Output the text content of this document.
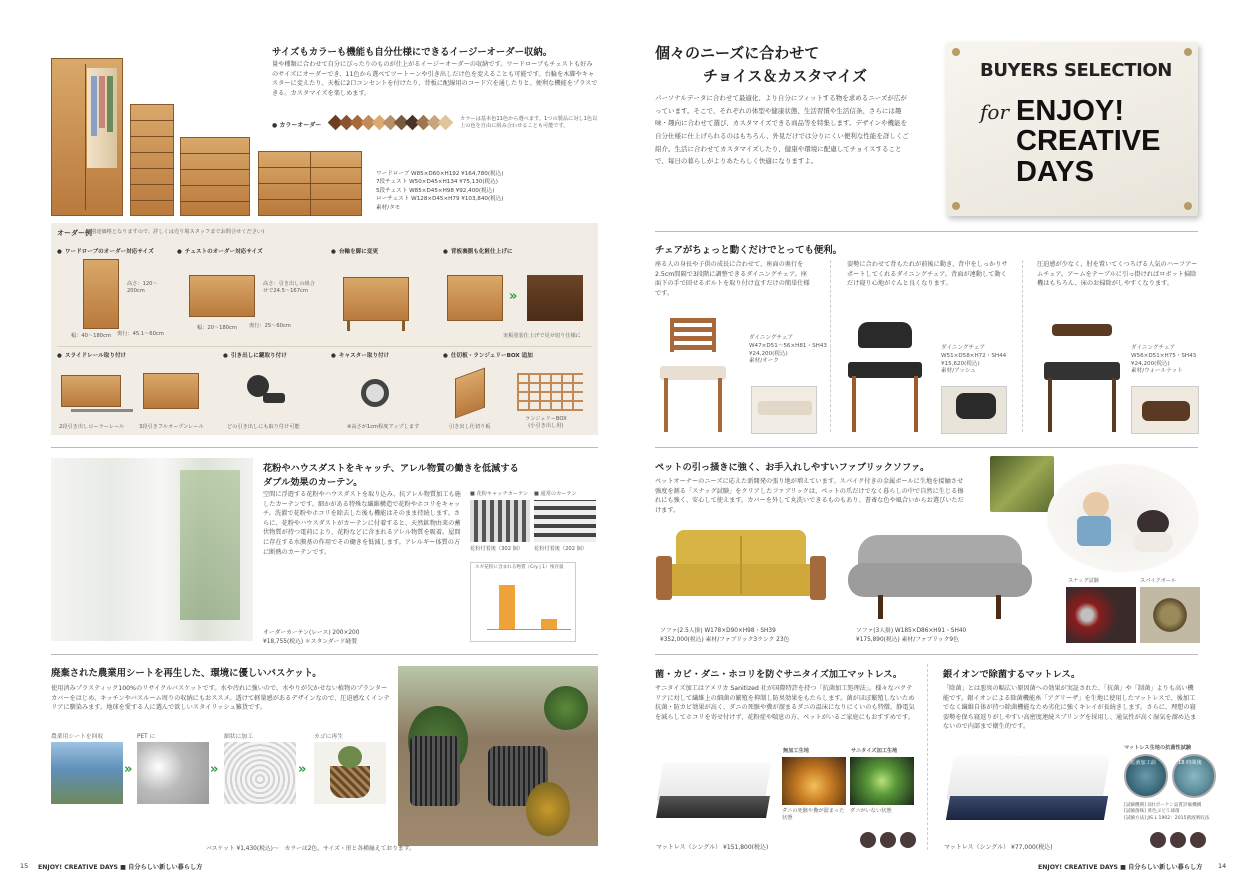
サイズもカラーも機能も自分仕様にできるイージーオーダー収納。
量や種類に合わせて自分にぴったりのものが仕上がるイージーオーダーの収納です。ワードローブもチェストも好みのサイズにオーダーでき、11色から選べてツートーンや引き出しだけ色を変えることも可能です。台輪を木脚やキャスターに変えたり、天板に2口コンセントを付けたり、背板に配線用のコード穴を通したりと、便利な機能をプラスできる。カスタマイズを楽しめます。
● カラーオーダー
カラーは基本色11色から選べます。1つの製品に対し1色以上の色を自由に組み合わせることも可能です。
ワードローブ W85×D60×H192 ¥164,780(税込)
7段チェスト W50×D45×H134 ¥75,130(税込)
5段チェスト W85×D45×H98 ¥92,400(税込)
ローチェスト W128×D45×H79 ¥103,840(税込)
素材/タモ
オーダー例
(別途価格となりますので、詳しくは売り場スタッフまでお問合せください)
● ワードローブのオーダー対応サイズ	● チェストのオーダー対応サイズ	● 台輪を脚に変更	● 背板裏側も化粧仕上げに
高さ：120〜200cm
幅：40〜180cm 奥行：45.1〜60cm
高さ：引き出しの組合せで24.5〜167cm
幅：20〜180cm 奥行：25〜60cm
»
実板塗装仕上げで見せ切り仕様に
● スライドレール取り付け	● 引き出しに鍵取り付け	● キャスター取り付け	● 仕切板・ランジェリーBOX 追加
2段引き出しローラーレール	3段引きフルオープンレール	どの引き出しにも取り付け可能	※高さが1cm程度アップします	引き出し仕切り板
ランジェリーBOX
(小引き出し用)
花粉やハウスダストをキャッチ、アレル物質の働きを低減する
ダブル効果のカーテン。
空間に浮遊する花粉やハウスダストを取り込み、抗アレル物質加工も施したカーテンです。細かがある特殊な繊維構造で花粉やホコリをキャッチ。洗濯で花粉やホコリを除去した後も機能はそのまま持続します。さらに、花粉やハウスダストがカーテンに付着すると、天然鉱物由来の蓄伏物質が持つ電荷により、花粉などに含まれるアレル物質を吸着。屋間に存在する水膜基の作用でその働きを低減します。アレルギー体質の方に断熱のカーテンです。
■ 花粉キャッチカーテン ■ 通常のカーテン
花粉付着後（302 個） 花粉付着後（202 個）
スギ花粉に含まれる物質（Cry j 1）残存量
オーダーカーテン(レース) 200×200
¥18,755(税込) ＊スタンダード縫製
廃棄された農業用シートを再生した、環境に優しいバスケット。
使用済みプラスティック100%のリサイクルバスケットです。水や汚れに強いので、水やりが欠かせない植物のプランターカバーをはじめ、キッチンやバスルーム周りの収納にもおススメ。透けて軽量感があるデザインなので、圧迫感なくインテリアに馴染みます。地球を愛する人に選んで欲しいスタイリッシュ雑貨です。
農業用シートを回収	PET に	細状に加工	カゴに再生
»	»	»
バスケット ¥1,430(税込)〜　カラーは2色、サイズ・形と各種揃えております。
15 ENJOY! CREATIVE DAYS ■ 自分らしい新しい暮らし方
個々のニーズに合わせて
チョイス＆カスタマイズ
パーソナルデータに合わせて最適化、より自分にフィットする物を求めるニーズが広がっています。そこで、それぞれの体型や健康状態、生活習慣や生活信条、さらには趣味・趣向に合わせて選び、カスタマイズできる商品等を特集します。デザインや機能を自分仕様に仕上げられるのはもちろん、外見だけでは分りにくい便利な性能を詳しくご紹介。生活に合わせてカスタマイズしたり、健康や環境に配慮してチョイスすることで、毎日の暮らしがよりあたらしく快適になりますよ。
BUYERS SELECTION
for ENJOY!
CREATIVE
DAYS
チェアがちょっと動くだけでとっても便利。
座る人の身長や子供の成長に合わせて、座面の奥行を2.5cm間隔で3段階に調整できるダイニングチェア。座面下の手で回せるボルトを取り付け直すだけの簡単仕様です。
姿勢に合わせて背もたれが前後に動き、背中をしっかりサポートしてくれるダイニングチェア。背面が連動して動くだけ寝り心地がぐんと良くなります。
圧迫感が少なく、肘を置いてくつろげる人気のハーフアームチェア。アームをテーブルに引っ掛ければロボット掃除機はもちろん、床のお掃除がしやすくなります。
ダイニングチェア
W47×D51〜56×H81・SH43
¥24,200(税込)
素材/オーク
ダイニングチェア
W51×D58×H72・SH44
¥15,620(税込)
素材/アッシュ
ダイニングチェア
W56×D51×H75・SH43
¥24,200(税込)
素材/ウォールナット
ペットの引っ掻きに強く、お手入れしやすいファブリックソファ。
ペットオーナーのニーズに応えた新開発の張り地が増えています。スパイク付きの金属ボールに生地を接触させ強度を測る「スナッグ試験」をクリアしたファブリックは、ペットの爪だけでなく暮らしの中で自然に生じる擦れにも強く、安心して使えます。カバーを外して丸洗いできるものもあり、書斎な色や風合いからお選びいただけます。
スナッグ試験	スパイクボール
ソファ(2.5人掛) W178×D90×H98・SH39
¥352,000(税込) 素材/ファブリック3ランク 23色
ソファ(3人掛) W185×D86×H91・SH40
¥175,890(税込) 素材/ファブリック9色
菌・カビ・ダニ・ホコリを防ぐサニタイズ加工マットレス。
サニタイズ加工はアメリカ Sanitized 社が国際特許を持つ「抗菌加工処理法」。様々なバクテリアに対して繊維上の細菌の繁殖を抑制し防臭効果をもたらします。菌がほぼ繁殖しないため抗菌・防カビ効果が高く、ダニの死骸や糞が溜まるダニの温床になりにくいのも特徴。静電気を減らしてホコリを寄せ付けず、花粉症や喘息の方、ペットがいるご家庭にもおすすめです。
無加工生地	サニタイズ加工生地
ダニの死骸や糞が溜まった状態
ダニがいない状態
マットレス（シングル） ¥151,800(税込)
銀イオンで除菌するマットレス。
「除菌」とは悪臭の幅広い原因菌への効果が実証された、「抗菌」や「制菌」よりも高い機能です。銀イオンによる除菌機能糸「アグリーザ」を生地に使用したマットレスで、後加工でなく繊維自体が持つ除菌機能なため劣化に強くキレイが長続きします。さらに、理想の寝姿勢を保ち寝返りがしやすい高密度連続スプリングを採用し、通気性が高く湿気を溜め込まないので内部まで衛生的です。
マットレス生地の抗菌性試験
抗菌加工前	18 時間後
[試験機関] (財)ボーケン品質評価機構
[試験菌株] 黄色ぶどう球菌
[試験方法] JIS L 1902：2015菌液吸収法
マットレス（シングル） ¥77,000(税込)
ENJOY! CREATIVE DAYS ■ 自分らしい新しい暮らし方 14
